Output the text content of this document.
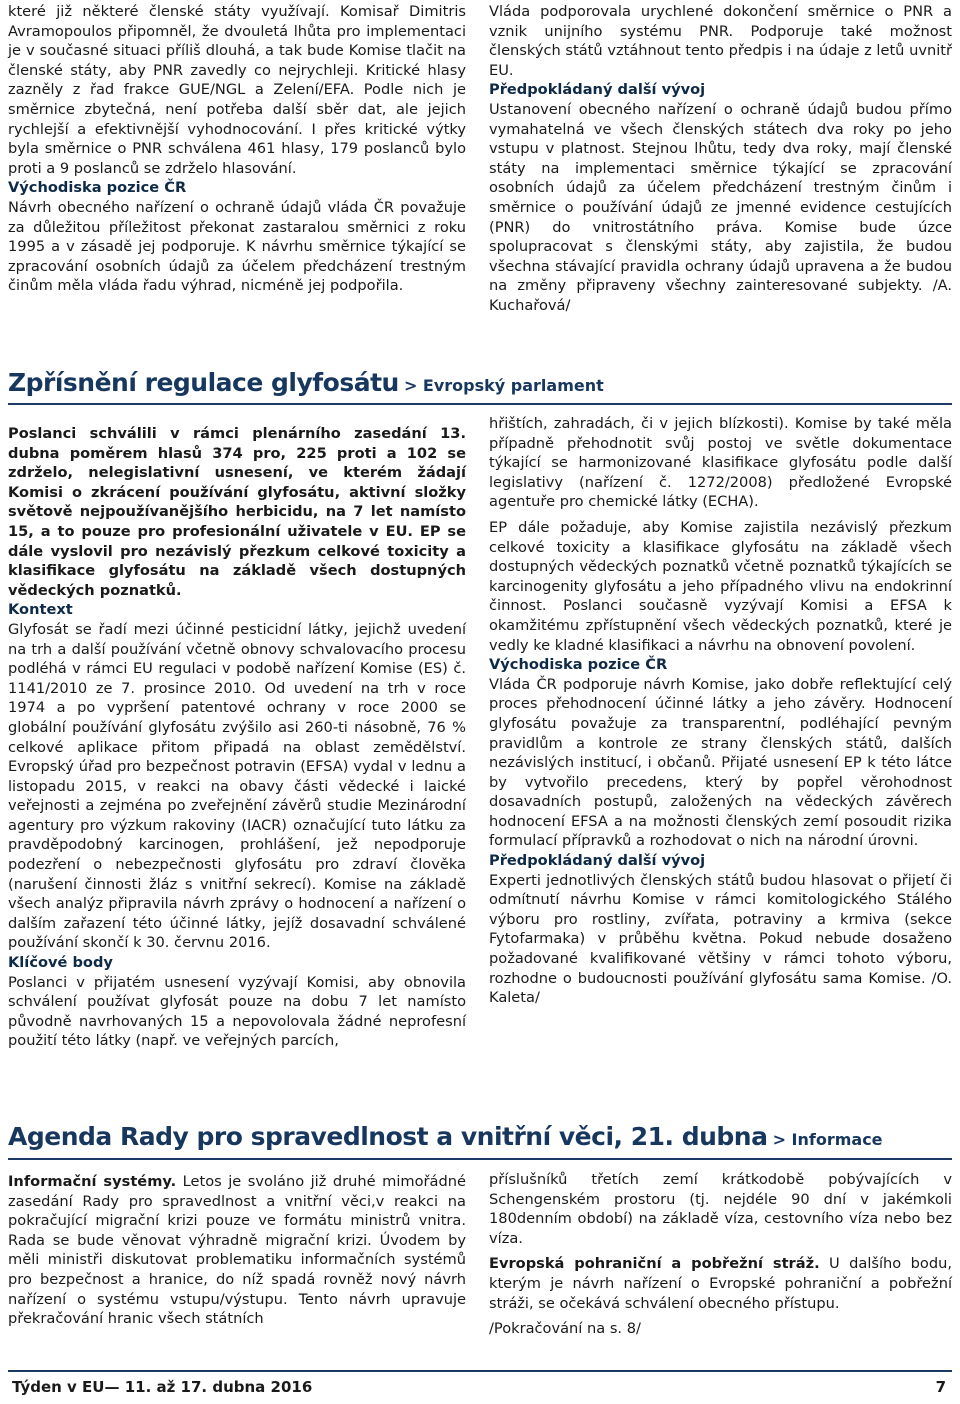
které již některé členské státy využívají. Komisař Dimitris Avramopoulos připomněl, že dvouletá lhůta pro implementaci je v současné situaci příliš dlouhá, a tak bude Komise tlačit na členské státy, aby PNR zavedly co nejrychleji. Kritické hlasy zazněly z řad frakce GUE/NGL a Zelení/EFA. Podle nich je směrnice zbytečná, není potřeba další sběr dat, ale jejich rychlejší a efektivnější vyhodnocování. I přes kritické výtky byla směrnice o PNR schválena 461 hlasy, 179 poslanců bylo proti a 9 poslanců se zdrželo hlasování.

Východiska pozice ČR

Návrh obecného nařízení o ochraně údajů vláda ČR považuje za důležitou příležitost překonat zastaralou směrnici z roku 1995 a v zásadě jej podporuje. K návrhu směrnice týkající se zpracování osobních údajů za účelem předcházení trestným činům měla vláda řadu výhrad, nicméně jej podpořila.

Vláda podporovala urychlené dokončení směrnice o PNR a vznik unijního systému PNR. Podporuje také možnost členských států vztáhnout tento předpis i na údaje z letů uvnitř EU.

Předpokládaný další vývoj

Ustanovení obecného nařízení o ochraně údajů budou přímo vymahatelná ve všech členských státech dva roky po jeho vstupu v platnost. Stejnou lhůtu, tedy dva roky, mají členské státy na implementaci směrnice týkající se zpracování osobních údajů za účelem předcházení trestným činům i směrnice o používání údajů ze jmenné evidence cestujících (PNR) do vnitrostátního práva. Komise bude úzce spolupracovat s členskými státy, aby zajistila, že budou všechna stávající pravidla ochrany údajů upravena a že budou na změny připraveny všechny zainteresované subjekty. /A. Kuchařová/

Zpřísnění regulace glyfosátu > Evropský parlament

Poslanci schválili v rámci plenárního zasedání 13. dubna poměrem hlasů 374 pro, 225 proti a 102 se zdrželo, nelegislativní usnesení, ve kterém žádají Komisi o zkrácení používání glyfosátu, aktivní složky světově nejpoužívanějšího herbicidu, na 7 let namísto 15, a to pouze pro profesionální uživatele v EU. EP se dále vyslovil pro nezávislý přezkum celkové toxicity a klasifikace glyfosátu na základě všech dostupných vědeckých poznatků.

Kontext

Glyfosát se řadí mezi účinné pesticidní látky, jejichž uvedení na trh a další používání včetně obnovy schvalovacího procesu podléhá v rámci EU regulaci v podobě nařízení Komise (ES) č. 1141/2010 ze 7. prosince 2010. Od uvedení na trh v roce 1974 a po vypršení patentové ochrany v roce 2000 se globální používání glyfosátu zvýšilo asi 260-ti násobně, 76 % celkové aplikace přitom připadá na oblast zemědělství. Evropský úřad pro bezpečnost potravin (EFSA) vydal v lednu a listopadu 2015, v reakci na obavy části vědecké i laické veřejnosti a zejména po zveřejnění závěrů studie Mezinárodní agentury pro výzkum rakoviny (IACR) označující tuto látku za pravděpodobný karcinogen, prohlášení, jež nepodporuje podezření o nebezpečnosti glyfosátu pro zdraví člověka (narušení činnosti žláz s vnitřní sekrecí). Komise na základě všech analýz připravila návrh zprávy o hodnocení a nařízení o dalším zařazení této účinné látky, jejíž dosavadní schválené používání skončí k 30. červnu 2016.

Klíčové body

Poslanci v přijatém usnesení vyzývají Komisi, aby obnovila schválení používat glyfosát pouze na dobu 7 let namísto původně navrhovaných 15 a nepovolovala žádné neprofesní použití této látky (např. ve veřejných parcích,

hřištích, zahradách, či v jejich blízkosti). Komise by také měla případně přehodnotit svůj postoj ve světle dokumentace týkající se harmonizované klasifikace glyfosátu podle další legislativy (nařízení č. 1272/2008) předložené Evropské agentuře pro chemické látky (ECHA).

EP dále požaduje, aby Komise zajistila nezávislý přezkum celkové toxicity a klasifikace glyfosátu na základě všech dostupných vědeckých poznatků včetně poznatků týkajících se karcinogenity glyfosátu a jeho případného vlivu na endokrinní činnost. Poslanci současně vyzývají Komisi a EFSA k okamžitému zpřístupnění všech vědeckých poznatků, které je vedly ke kladné klasifikaci a návrhu na obnovení povolení.

Východiska pozice ČR

Vláda ČR podporuje návrh Komise, jako dobře reflektující celý proces přehodnocení účinné látky a jeho závěry. Hodnocení glyfosátu považuje za transparentní, podléhající pevným pravidlům a kontrole ze strany členských států, dalších nezávislých institucí, i občanů. Přijaté usnesení EP k této látce by vytvořilo precedens, který by popřel věrohodnost dosavadních postupů, založených na vědeckých závěrech hodnocení EFSA a na možnosti členských zemí posoudit rizika formulací přípravků a rozhodovat o nich na národní úrovni.

Předpokládaný další vývoj

Experti jednotlivých členských států budou hlasovat o přijetí či odmítnutí návrhu Komise v rámci komitologického Stálého výboru pro rostliny, zvířata, potraviny a krmiva (sekce Fytofarmaka) v průběhu května. Pokud nebude dosaženo požadované kvalifikované většiny v rámci tohoto výboru, rozhodne o budoucnosti používání glyfosátu sama Komise. /O. Kaleta/

Agenda Rady pro spravedlnost a vnitřní věci, 21. dubna > Informace

Informační systémy. Letos je svoláno již druhé mimořádné zasedání Rady pro spravedlnost a vnitřní věci,v reakci na pokračující migrační krizi pouze ve formátu ministrů vnitra. Rada se bude věnovat výhradně migrační krizi. Úvodem by měli ministři diskutovat problematiku informačních systémů pro bezpečnost a hranice, do níž spadá rovněž nový návrh nařízení o systému vstupu/výstupu. Tento návrh upravuje překračování hranic všech státních

příslušníků třetích zemí krátkodobě pobývajících v Schengenském prostoru (tj. nejdéle 90 dní v jakémkoli 180denním období) na základě víza, cestovního víza nebo bez víza.

Evropská pohraniční a pobřežní stráž. U dalšího bodu, kterým je návrh nařízení o Evropské pohraniční a pobřežní stráži, se očekává schválení obecného přístupu.

/Pokračování na s. 8/

Týden v EU— 11. až 17. dubna 2016	7
